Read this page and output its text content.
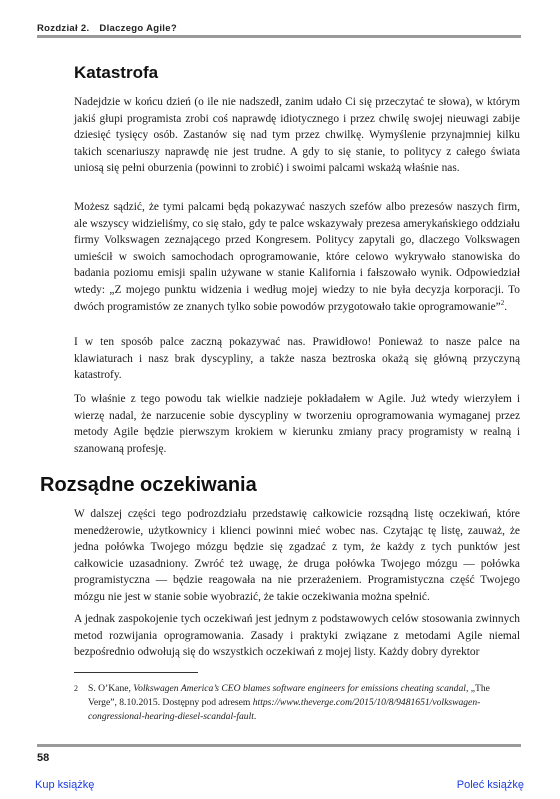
Rozdział 2. Dlaczego Agile?
Katastrofa

Nadejdzie w końcu dzień (o ile nie nadszedł, zanim udało Ci się przeczytać te słowa), w którym jakiś głupi programista zrobi coś naprawdę idiotycznego i przez chwilę swojej nieuwagi zabije dziesięć tysięcy osób. Zastanów się nad tym przez chwilkę. Wymyślenie przynajmniej kilku takich scenariuszy naprawdę nie jest trudne. A gdy to się stanie, to politycy z całego świata uniosą się pełni oburzenia (powinni to zrobić) i swoimi palcami wskażą właśnie nas.

Możesz sądzić, że tymi palcami będą pokazywać naszych szefów albo prezesów naszych firm, ale wszyscy widzieliśmy, co się stało, gdy te palce wskazywały prezesa amerykańskiego oddziału firmy Volkswagen zeznającego przed Kongresem. Politycy zapytali go, dlaczego Volkswagen umieścił w swoich samochodach oprogramowanie, które celowo wykrywało stanowiska do badania poziomu emisji spalin używane w stanie Kalifornia i fałszowało wynik. Odpowiedział wtedy: „Z mojego punktu widzenia i według mojej wiedzy to nie była decyzja korporacji. To dwóch programistów ze znanych tylko sobie powodów przygotowało takie oprogramowanie”$^2$.

I w ten sposób palce zaczną pokazywać nas. Prawidłowo! Ponieważ to nasze palce na klawiaturach i nasz brak dyscypliny, a także nasza beztroska okażą się główną przyczyną katastrofy.

To właśnie z tego powodu tak wielkie nadzieje pokładałem w Agile. Już wtedy wierzyłem i wierzę nadal, że narzucenie sobie dyscypliny w tworzeniu oprogramowania wymaganej przez metody Agile będzie pierwszym krokiem w kierunku zmiany pracy programisty w realną i szanowaną profesję.

Rozsądne oczekiwania

W dalszej części tego podrozdziału przedstawię całkowicie rozsądną listę oczekiwań, które menedżerowie, użytkownicy i klienci powinni mieć wobec nas. Czytając tę listę, zauważ, że jedna połówka Twojego mózgu będzie się zgadzać z tym, że każdy z tych punktów jest całkowicie uzasadniony. Zwróć też uwagę, że druga połówka Twojego mózgu — połówka programistyczna — będzie reagowała na nie przerażeniem. Programistyczna część Twojego mózgu nie jest w stanie sobie wyobrazić, że takie oczekiwania można spełnić.

A jednak zaspokojenie tych oczekiwań jest jednym z podstawowych celów stosowania zwinnych metod rozwijania oprogramowania. Zasady i praktyki związane z metodami Agile niemal bezpośrednio odwołują się do wszystkich oczekiwań z mojej listy. Każdy dobry dyrektor

2 S. O’Kane, Volkswagen America’s CEO blames software engineers for emissions cheating scandal, „The Verge”, 8.10.2015. Dostępny pod adresem https://www.theverge.com/2015/10/8/9481651/volkswagen-congressional-hearing-diesel-scandal-fault.
58
Kup książkę	Poleć książkę
